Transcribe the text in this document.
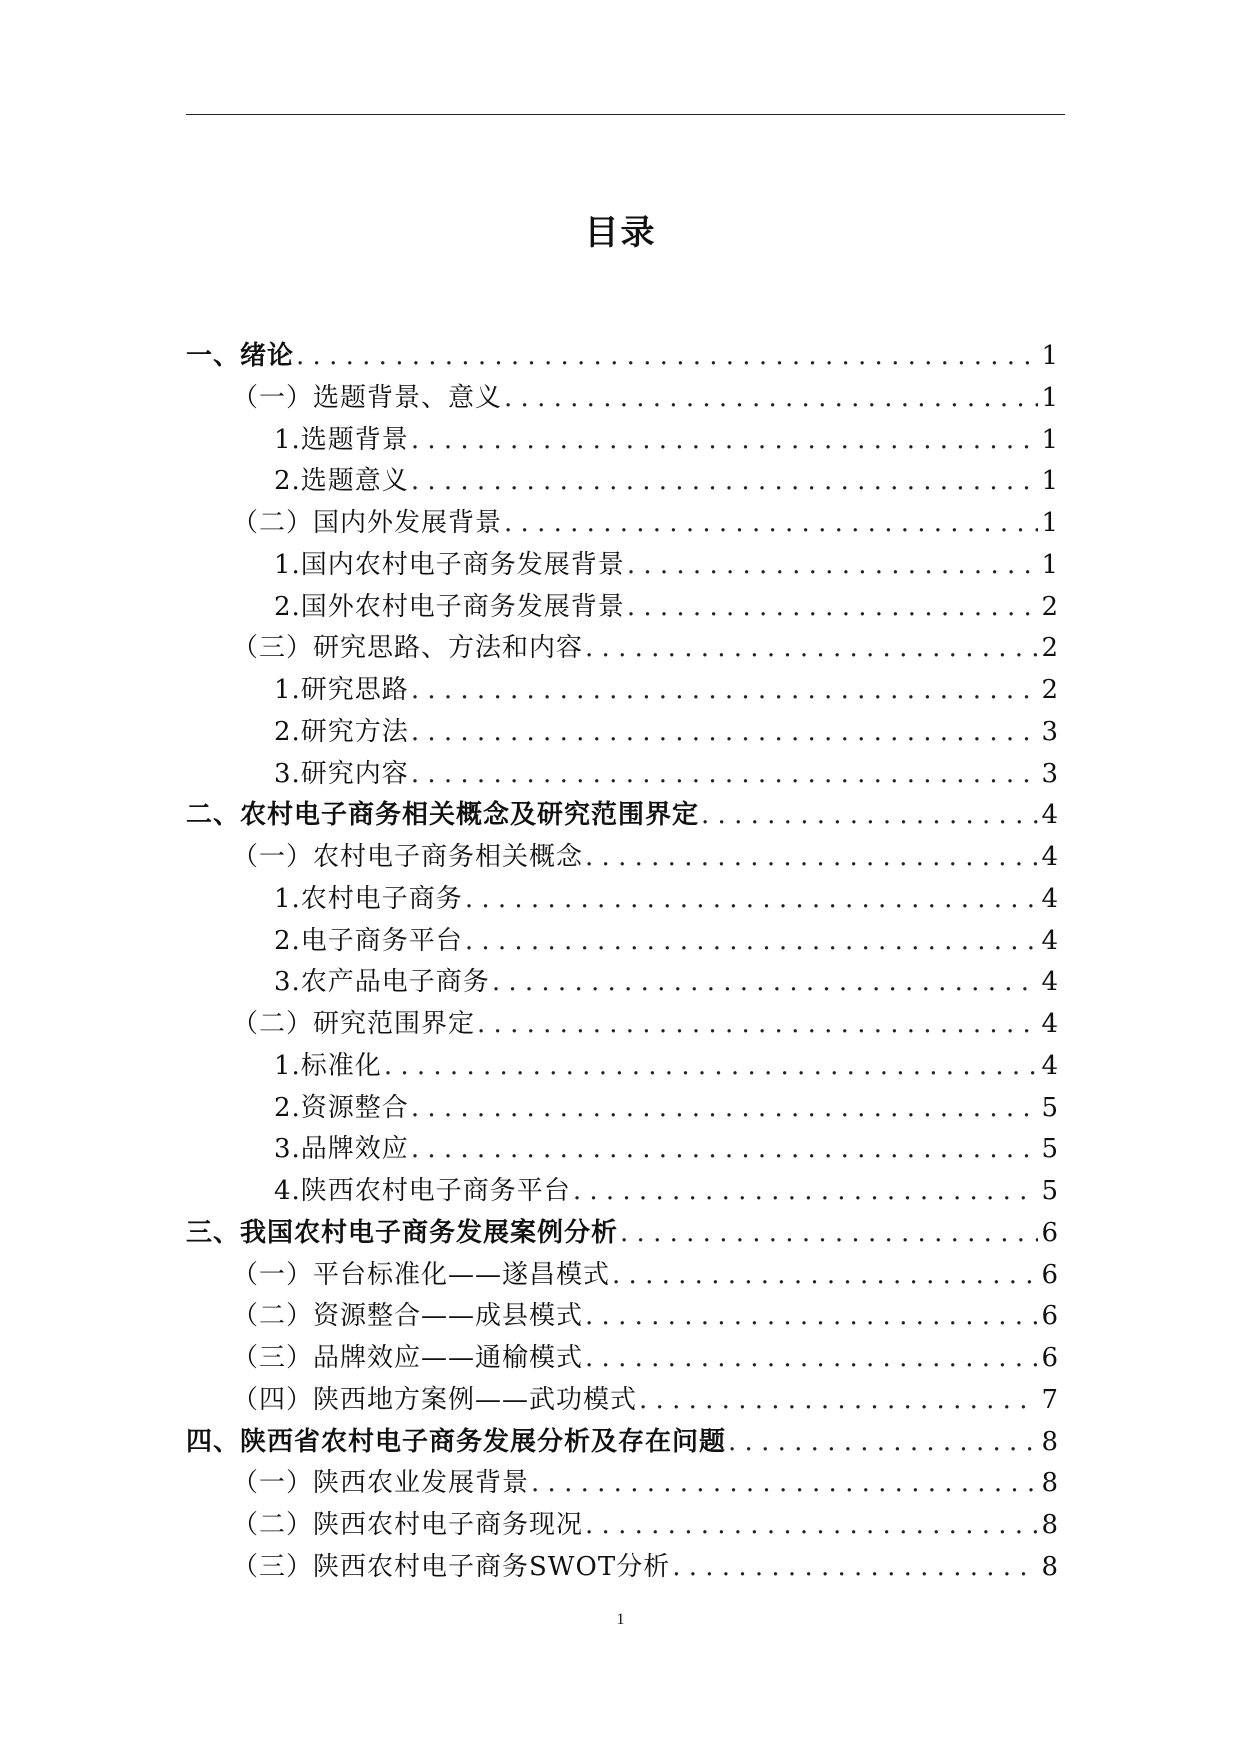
目录
一、绪论 . . .	1
（一）选题背景、意义 . . .	1
1.选题背景 . . .	1
2.选题意义 . . .	1
（二）国内外发展背景 . . .	1
1.国内农村电子商务发展背景 . . .	1
2.国外农村电子商务发展背景 . . .	2
（三）研究思路、方法和内容 . . .	2
1.研究思路 . . .	2
2.研究方法 . . .	3
3.研究内容 . . .	3
二、农村电子商务相关概念及研究范围界定 . . .	4
（一）农村电子商务相关概念 . . .	4
1.农村电子商务 . . .	4
2.电子商务平台 . . .	4
3.农产品电子商务 . . .	4
（二）研究范围界定 . . .	4
1.标准化 . . .	4
2.资源整合 . . .	5
3.品牌效应 . . .	5
4.陕西农村电子商务平台 . . .	5
三、我国农村电子商务发展案例分析 . . .	6
（一）平台标准化——遂昌模式 . . .	6
（二）资源整合——成县模式 . . .	6
（三）品牌效应——通榆模式 . . .	6
（四）陕西地方案例——武功模式 . . .	7
四、陕西省农村电子商务发展分析及存在问题 . . .	8
（一）陕西农业发展背景 . . .	8
（二）陕西农村电子商务现况 . . .	8
（三）陕西农村电子商务SWOT分析 . . .	8
1
